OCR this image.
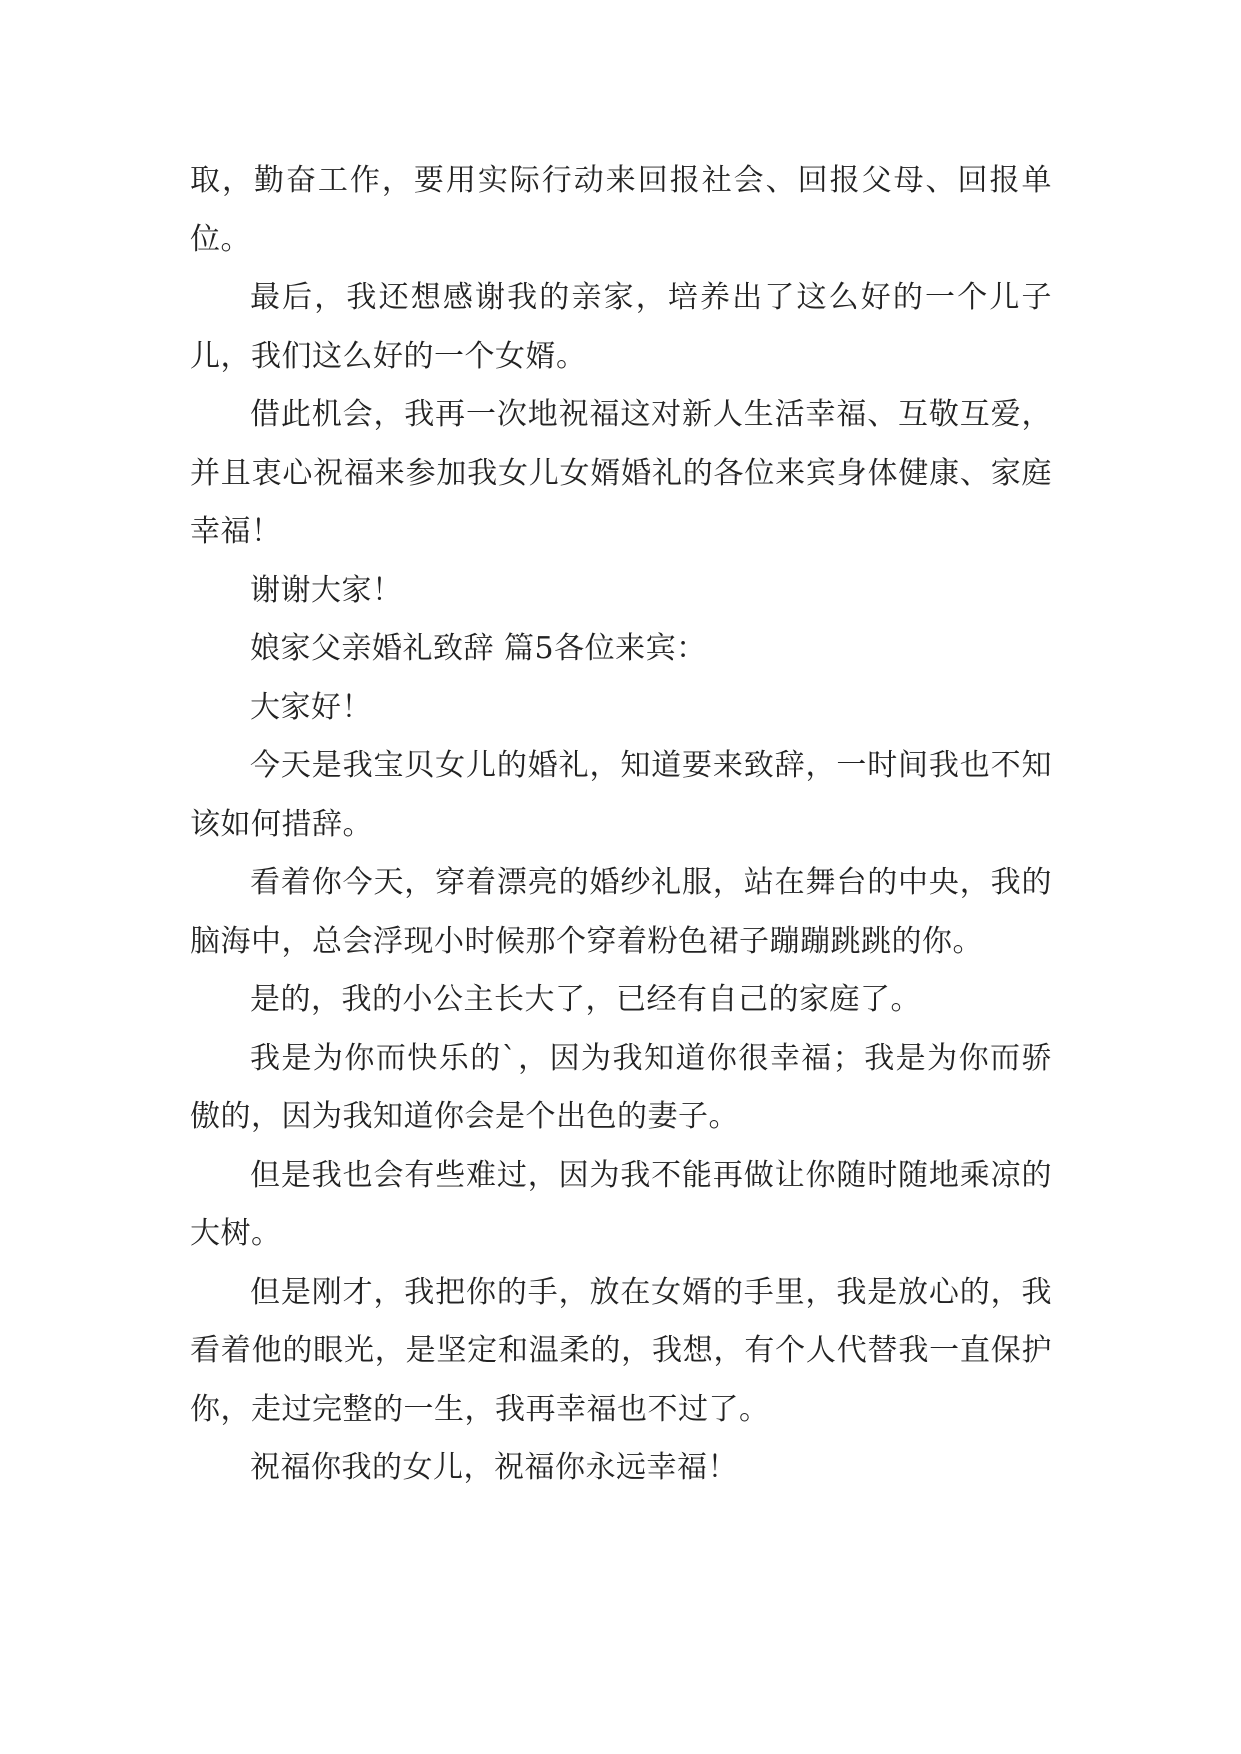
取，勤奋工作，要用实际行动来回报社会、回报父母、回报单位。

最后，我还想感谢我的亲家，培养出了这么好的一个儿子儿，我们这么好的一个女婿。

借此机会，我再一次地祝福这对新人生活幸福、互敬互爱，并且衷心祝福来参加我女儿女婿婚礼的各位来宾身体健康、家庭幸福！

谢谢大家！

娘家父亲婚礼致辞 篇5各位来宾：

大家好！

今天是我宝贝女儿的婚礼，知道要来致辞，一时间我也不知该如何措辞。

看着你今天，穿着漂亮的婚纱礼服，站在舞台的中央，我的脑海中，总会浮现小时候那个穿着粉色裙子蹦蹦跳跳的你。

是的，我的小公主长大了，已经有自己的家庭了。

我是为你而快乐的`，因为我知道你很幸福；我是为你而骄傲的，因为我知道你会是个出色的妻子。

但是我也会有些难过，因为我不能再做让你随时随地乘凉的大树。

但是刚才，我把你的手，放在女婿的手里，我是放心的，我看着他的眼光，是坚定和温柔的，我想，有个人代替我一直保护你，走过完整的一生，我再幸福也不过了。

祝福你我的女儿，祝福你永远幸福！
